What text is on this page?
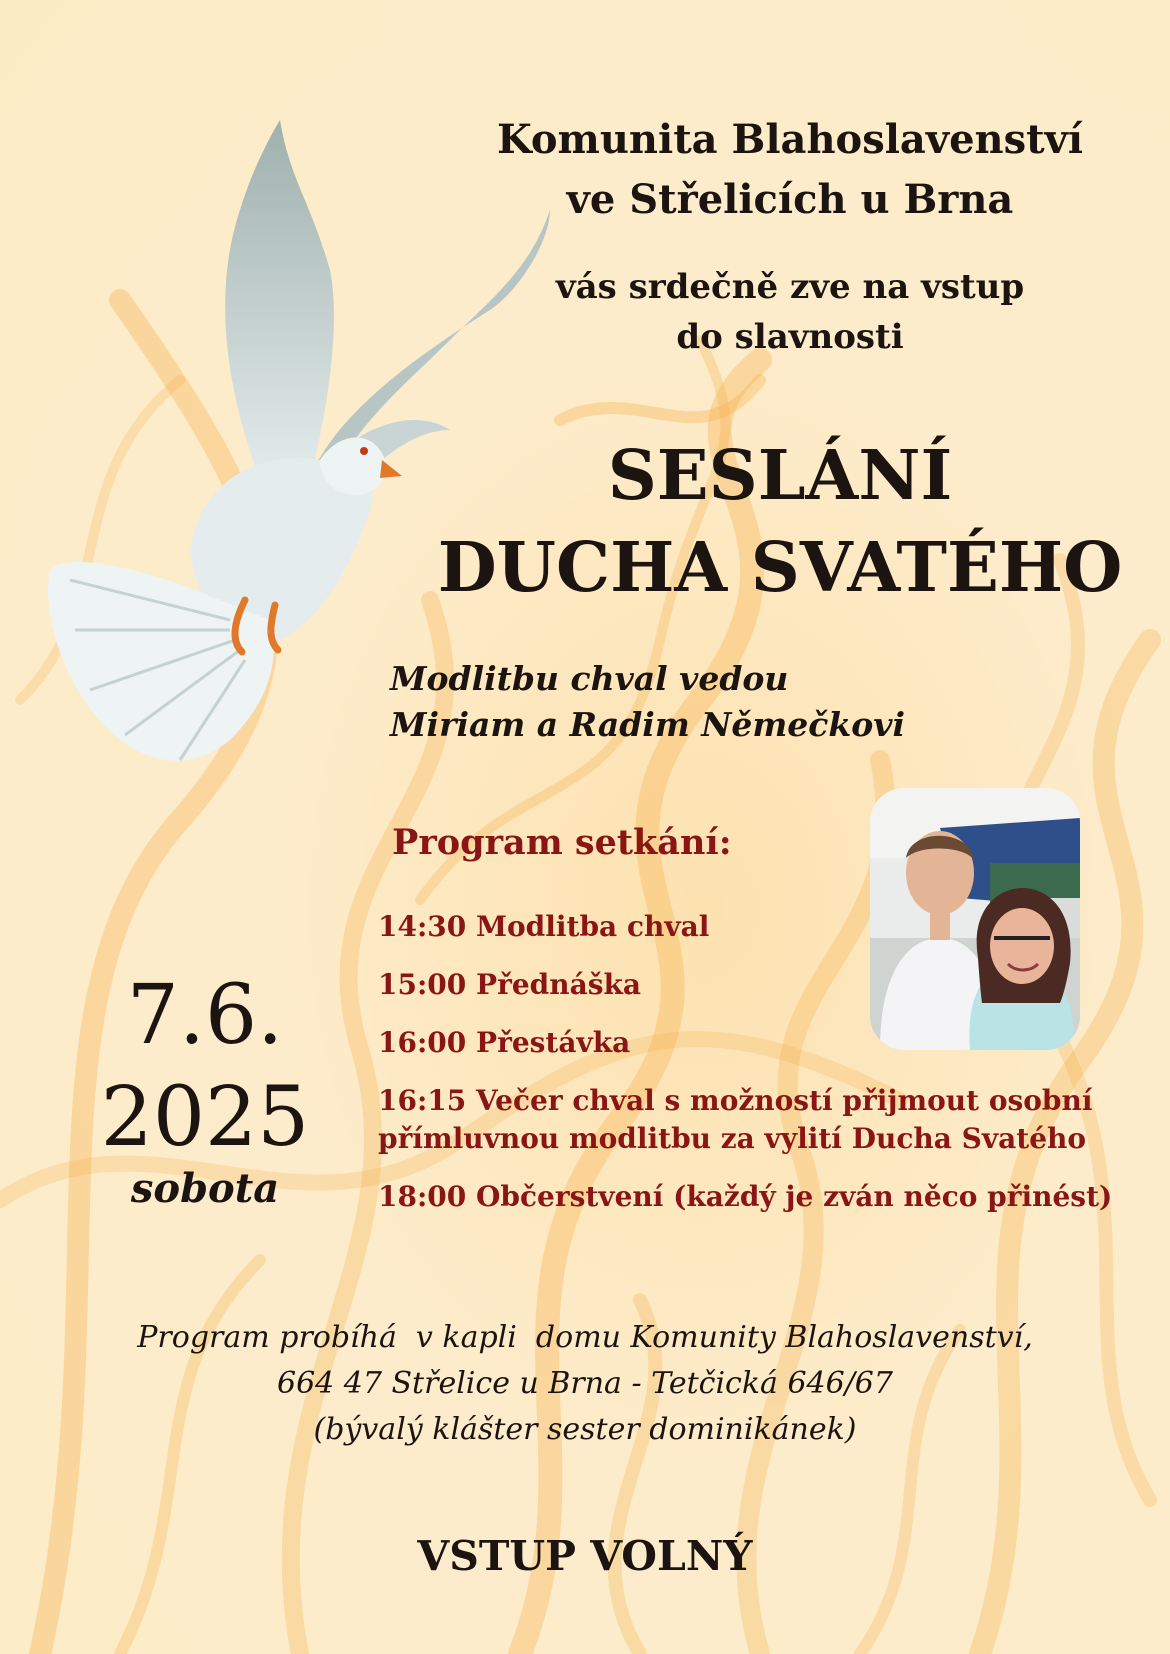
Komunita Blahoslavenství
ve Střelicích u Brna

vás srdečně zve na vstup
do slavnosti

SESLÁNÍ
DUCHA SVATÉHO

Modlitbu chval vedou
Miriam a Radim Němečkovi

Program setkání:
14:30 Modlitba chval
15:00 Přednáška
16:00 Přestávka
16:15 Večer chval s možností přijmout osobní
přímluvnou modlitbu za vylití Ducha Svatého
18:00 Občerstvení (každý je zván něco přinést)
7.6.
2025
sobota

Program probíhá  v kapli  domu Komunity Blahoslavenství,
664 47 Střelice u Brna - Tetčická 646/67
(bývalý klášter sester dominikánek)

VSTUP VOLNÝ
